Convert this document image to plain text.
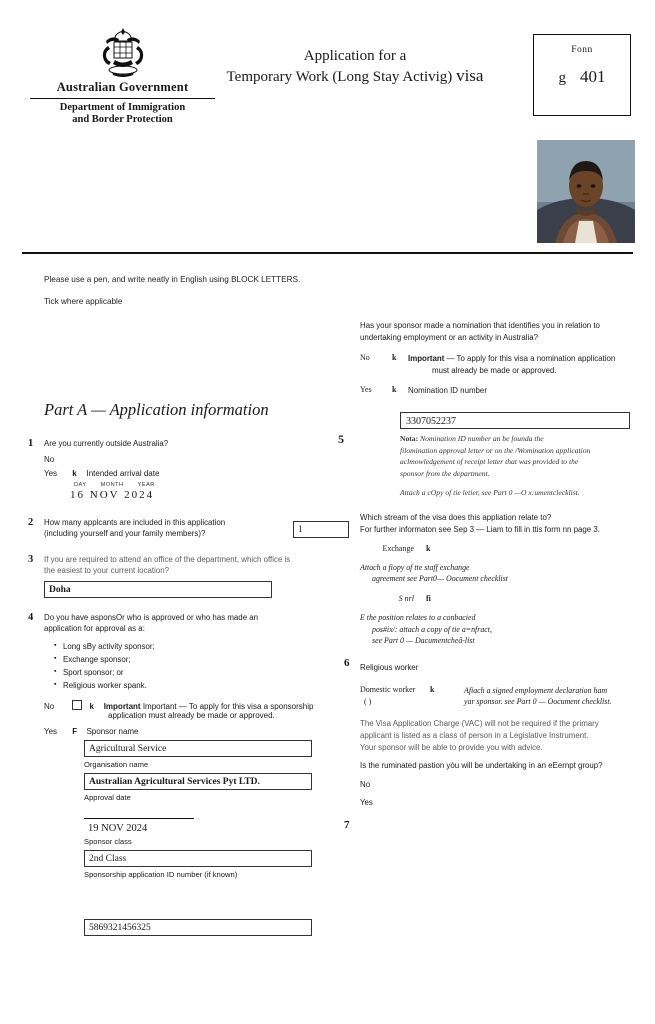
Australian Government
Department of Immigration
and Border Protection
Application for a
Temporary Work (Long Stay Activig) visa
Fonn
g 401
Please use a pen, and write neatly in English using BLOCK LETTERS.
Tick where applicable
Part A — Application information
1 Are you currently outside Australia?
No
Yes k Intended arrival date
DAY	MONTH	YEAR
16 NOV 2024
2 How many applcants are included in this application
(including yourself and your family members)?	1
3 If you are required to attend an office of the department, which office is
the easiest to your current location?
Doha
4 Do you have asponsOr who is approved or who has made an
application for approval as a:
▪ Long sBy activity sponsor;
▪ Exchange sponsor;
▪ Sport sponsor; or
▪ Religious worker spank.
No	k Important Important — To apply for this visa a sponsorship
application must already be made or approved.
Yes F Sponsor name
Agricultural Service
Organisation name
Australian Agricultural Services Pyt LTD.
Approval date
19 NOV 2024
Sponsor class
2nd Class
Sponsorship application ID number (if known)
5869321456325
Has your sponsor made a nomination that identifies you in relation to
undertaking employment or an activity in Australia?
No	k Important — To apply for this visa a nomination application
must already be made or approved.
Yes	k Nomination ID number
5
3307052237
Nota: Nomination ID number an be founda the
filomination approval letter or on the /Womination application
aclmowledgement of receipt letter that was provided to the
sponsor from the department.
Attach a cOpy of tie letier, see Part 0 —O x:umentclecklist.
Which stream of the visa does this appliation relate to?
For further informaton see Sep 3 — Liam to fill in ttis form nn page 3.
Exchange k Attach a fiopy of tte staff exchange
agreement see Part0— Oocument checklist
S nrl fi E the position relates to a conbacied
pos#ix/: attach a copy of tie a=nfract,
see Part 0 — Dacumentcheâ-list
6 Religious worker
Domestic worker k	Afiach a signed employment declaration ham
yar sponsor. see Part 0 — Oocument checklist.
( )
The Visa Application Charge (VAC) will not be required if the primary
applicant is listed as a class of person in a Legislative Instrument.
Your sponsor will be able to provide you with advice.
Is the ruminated pastion yòu will be undertaking in an eEernpt group?
No
Yes
7
